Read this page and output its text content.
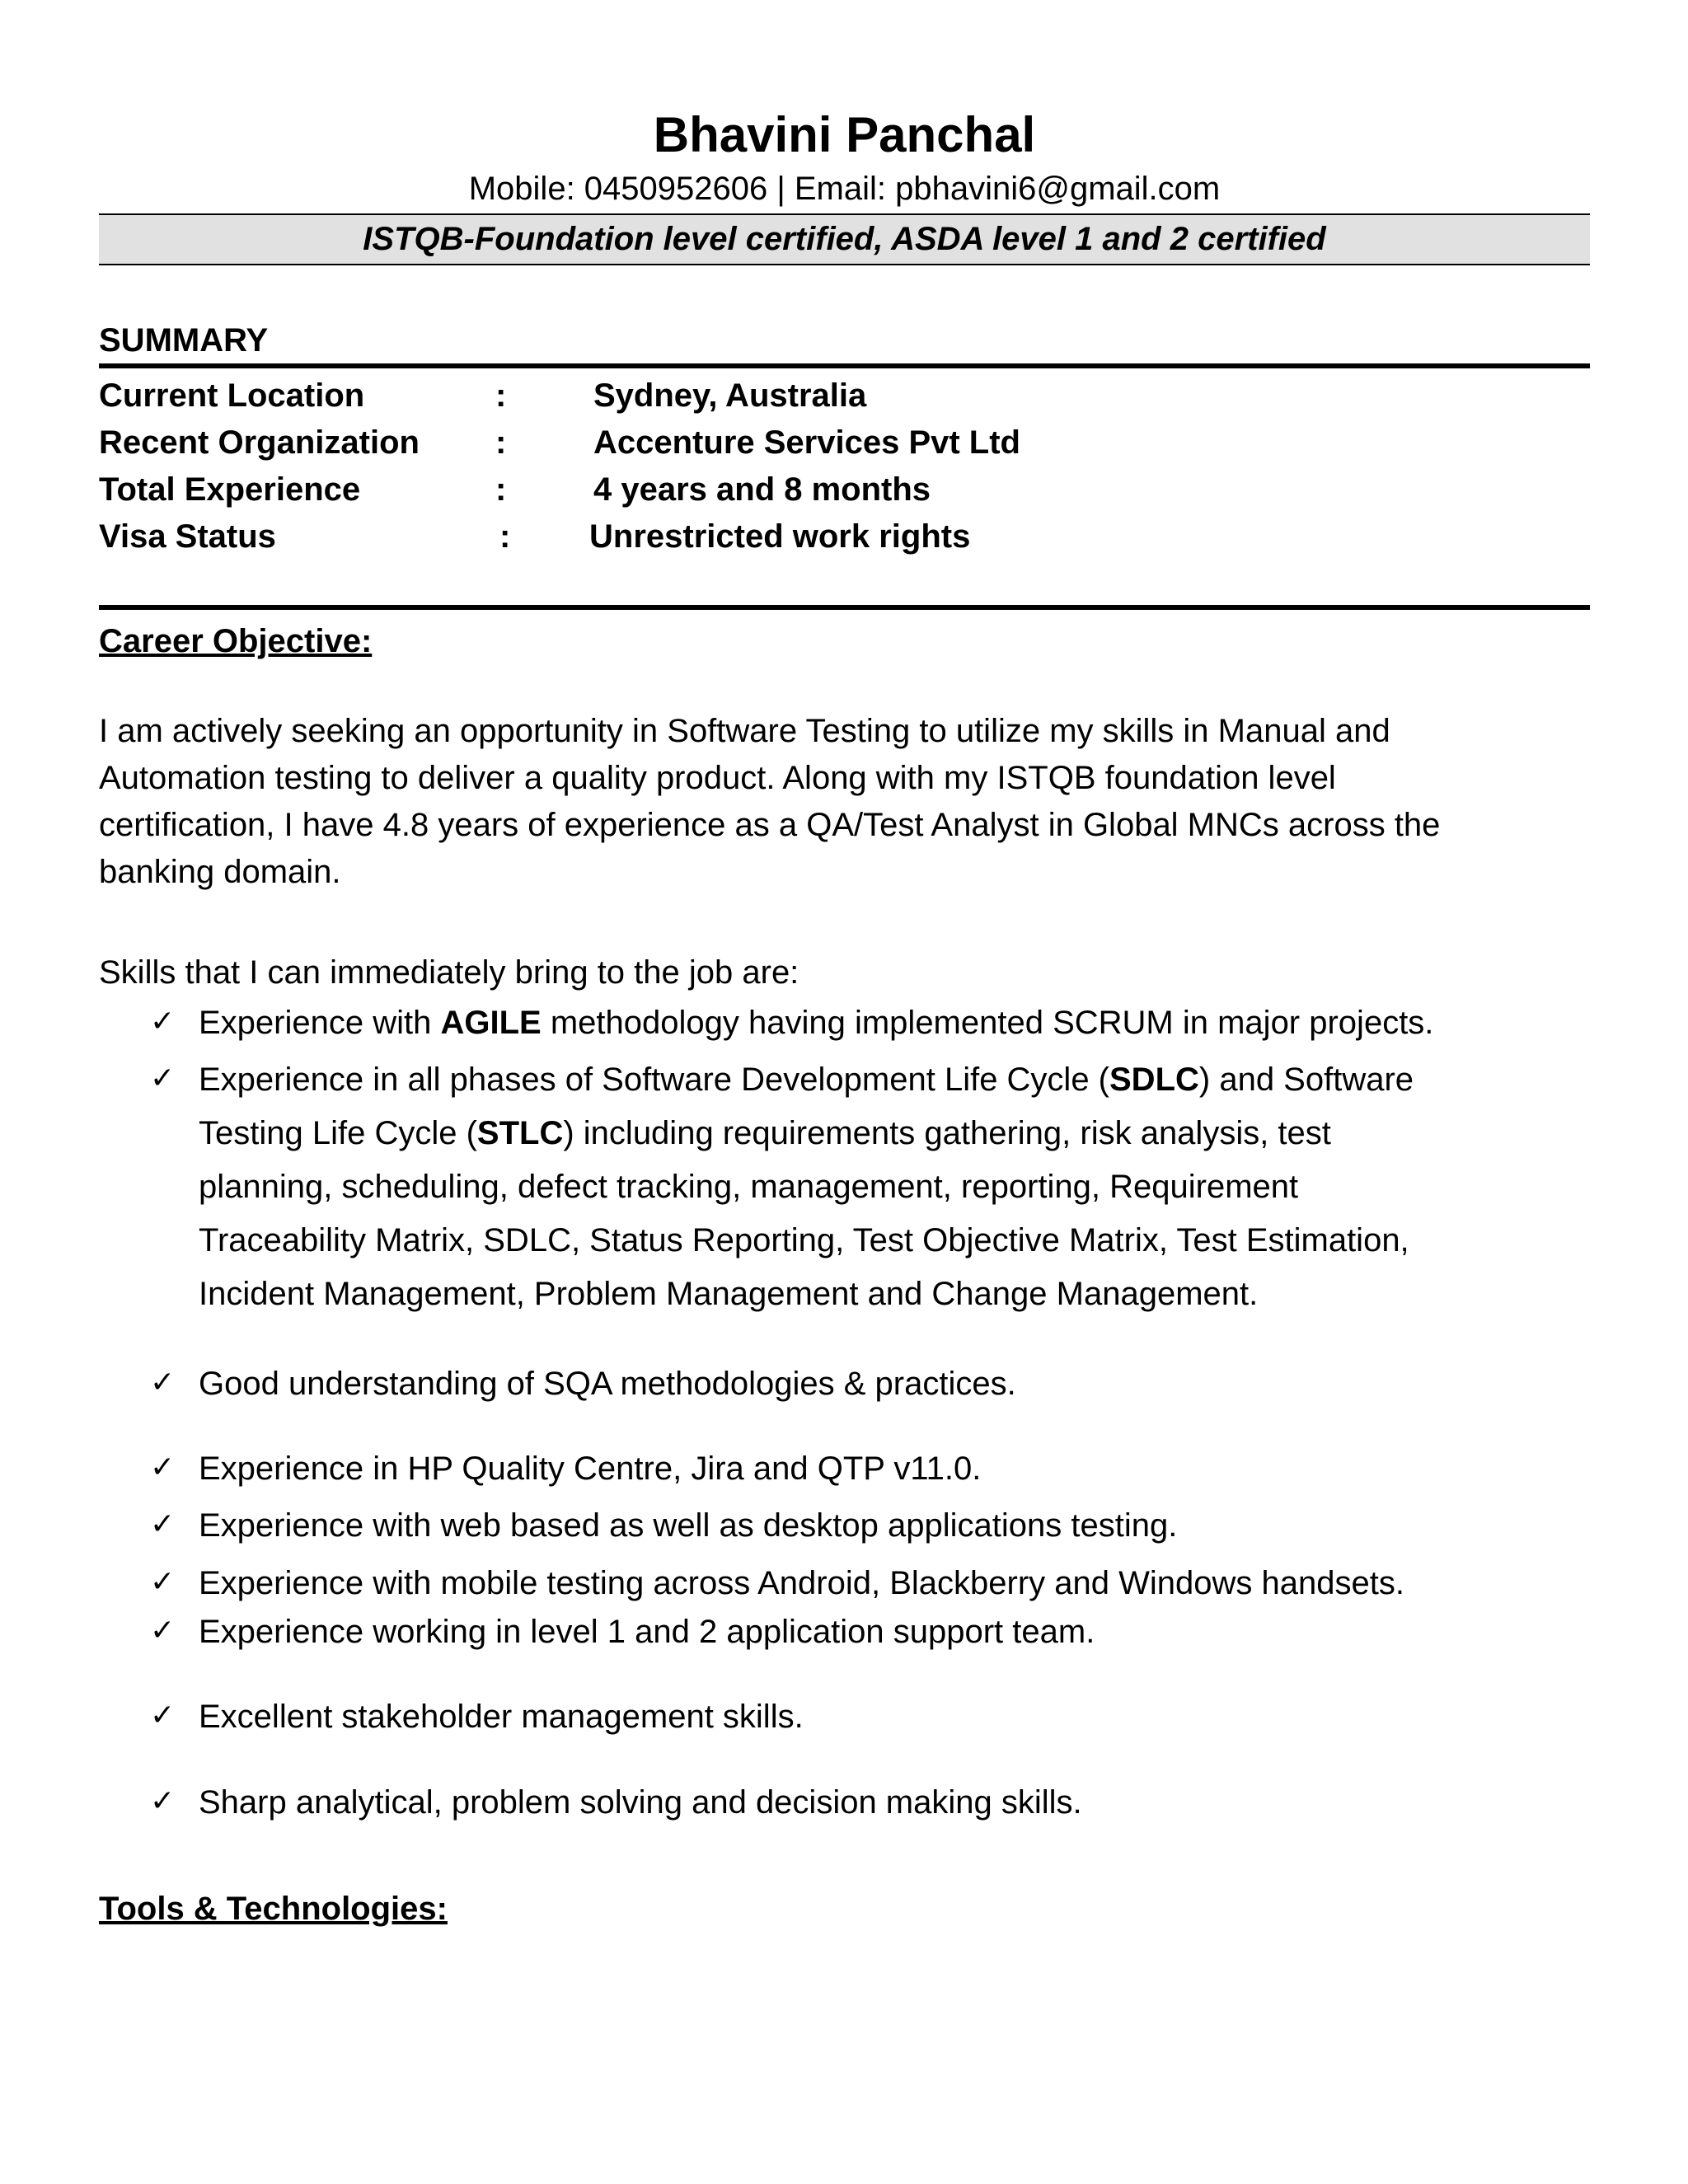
Bhavini Panchal
Mobile: 0450952606 | Email: pbhavini6@gmail.com
ISTQB-Foundation level certified, ASDA level 1 and 2 certified
SUMMARY
Current Location	:	Sydney, Australia
Recent Organization :	Accenture Services Pvt Ltd
Total Experience	:	4 years and 8 months
Visa Status	: Unrestricted work rights
Career Objective:
I am actively seeking an opportunity in Software Testing to utilize my skills in Manual and
Automation testing to deliver a quality product. Along with my ISTQB foundation level
certification, I have 4.8 years of experience as a QA/Test Analyst in Global MNCs across the
banking domain.
Skills that I can immediately bring to the job are:
✓ Experience with AGILE methodology having implemented SCRUM in major projects.
✓ Experience in all phases of Software Development Life Cycle (SDLC) and Software
Testing Life Cycle (STLC) including requirements gathering, risk analysis, test
planning, scheduling, defect tracking, management, reporting, Requirement
Traceability Matrix, SDLC, Status Reporting, Test Objective Matrix, Test Estimation,
Incident Management, Problem Management and Change Management.
✓ Good understanding of SQA methodologies & practices.
✓ Experience in HP Quality Centre, Jira and QTP v11.0.
✓ Experience with web based as well as desktop applications testing.
✓ Experience with mobile testing across Android, Blackberry and Windows handsets.
✓ Experience working in level 1 and 2 application support team.
✓ Excellent stakeholder management skills.
✓ Sharp analytical, problem solving and decision making skills.
Tools & Technologies:
